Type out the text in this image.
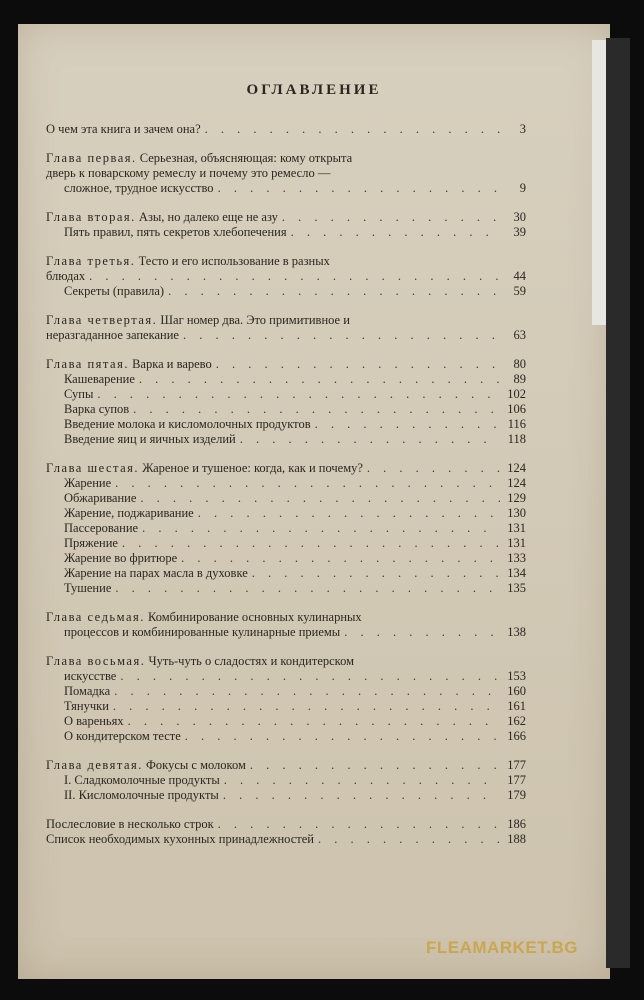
ОГЛАВЛЕНИЕ
О чем эта книга и зачем она? . . .	3
Глава первая. Серьезная, объясняющая: кому открыта
дверь к поварскому ремеслу и почему это ремесло —
сложное, трудное искусство . . .	9
Глава вторая. Азы, но далеко еще не азу . . .	30
Пять правил, пять секретов хлебопечения . . .	39
Глава третья. Тесто и его использование в разных
блюдах . . .	44
Секреты (правила) . . .	59
Глава четвертая. Шаг номер два. Это примитивное и
неразгаданное запекание . . .	63
Глава пятая. Варка и варево . . .	80
Кашеварение . . .	89
Супы . . .	102
Варка супов . . .	106
Введение молока и кисломолочных продуктов . . .	116
Введение яиц и яичных изделий . . .	118
Глава шестая. Жареное и тушеное: когда, как и почему? . . .	124
Жарение . . .	124
Обжаривание . . .	129
Жарение, поджаривание . . .	130
Пассерование . . .	131
Пряжение . . .	131
Жарение во фритюре . . .	133
Жарение на парах масла в духовке . . .	134
Тушение . . .	135
Глава седьмая. Комбинирование основных кулинарных
процессов и комбинированные кулинарные приемы . . .	138
Глава восьмая. Чуть-чуть о сладостях и кондитерском
искусстве . . .	153
Помадка . . .	160
Тянучки . . .	161
О вареньях . . .	162
О кондитерском тесте . . .	166
Глава девятая. Фокусы с молоком . . .	177
I. Сладкомолочные продукты . . .	177
II. Кисломолочные продукты . . .	179
Послесловие в несколько строк . . .	186
Список необходимых кухонных принадлежностей . . .	188
FLEAMARKET.BG
